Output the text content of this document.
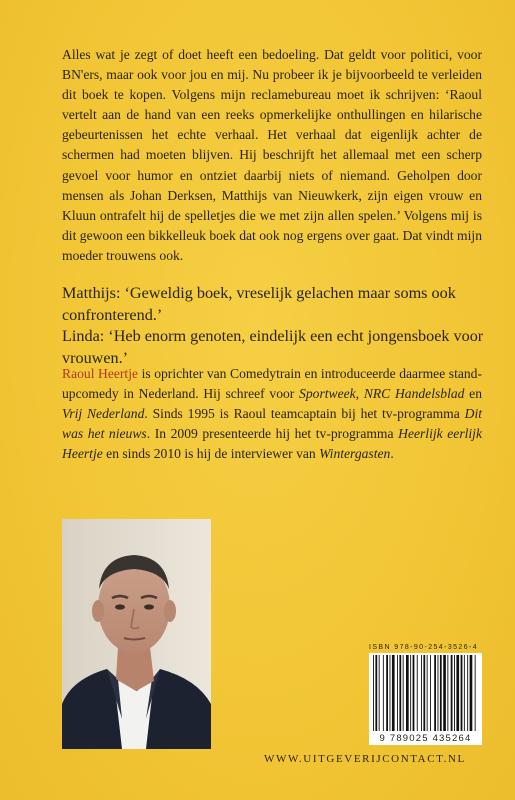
Alles wat je zegt of doet heeft een bedoeling. Dat geldt voor politici, voor BN'ers, maar ook voor jou en mij. Nu probeer ik je bijvoorbeeld te verleiden dit boek te kopen. Volgens mijn reclamebureau moet ik schrijven: ‘Raoul vertelt aan de hand van een reeks opmerkelijke onthullingen en hilarische gebeurtenissen het echte verhaal. Het verhaal dat eigenlijk achter de schermen had moeten blijven. Hij beschrijft het allemaal met een scherp gevoel voor humor en ontziet daarbij niets of niemand. Geholpen door mensen als Johan Derksen, Matthijs van Nieuwkerk, zijn eigen vrouw en Kluun ontrafelt hij de spelletjes die we met zijn allen spelen.’ Volgens mij is dit gewoon een bikkelleuk boek dat ook nog ergens over gaat. Dat vindt mijn moeder trouwens ook.

Matthijs: ‘Geweldig boek, vreselijk gelachen maar soms ook confronterend.’

Linda: ‘Heb enorm genoten, eindelijk een echt jongensboek voor vrouwen.’

Raoul Heertje is oprichter van Comedytrain en introduceerde daarmee stand-upcomedy in Nederland. Hij schreef voor Sportweek, NRC Handelsblad en Vrij Nederland. Sinds 1995 is Raoul teamcaptain bij het tv-programma Dit was het nieuws. In 2009 presenteerde hij het tv-programma Heerlijk eerlijk Heertje en sinds 2010 is hij de interviewer van Wintergasten.

ISBN 978-90-254-3526-4
9 789025 435264
WWW.UITGEVERIJCONTACT.NL
